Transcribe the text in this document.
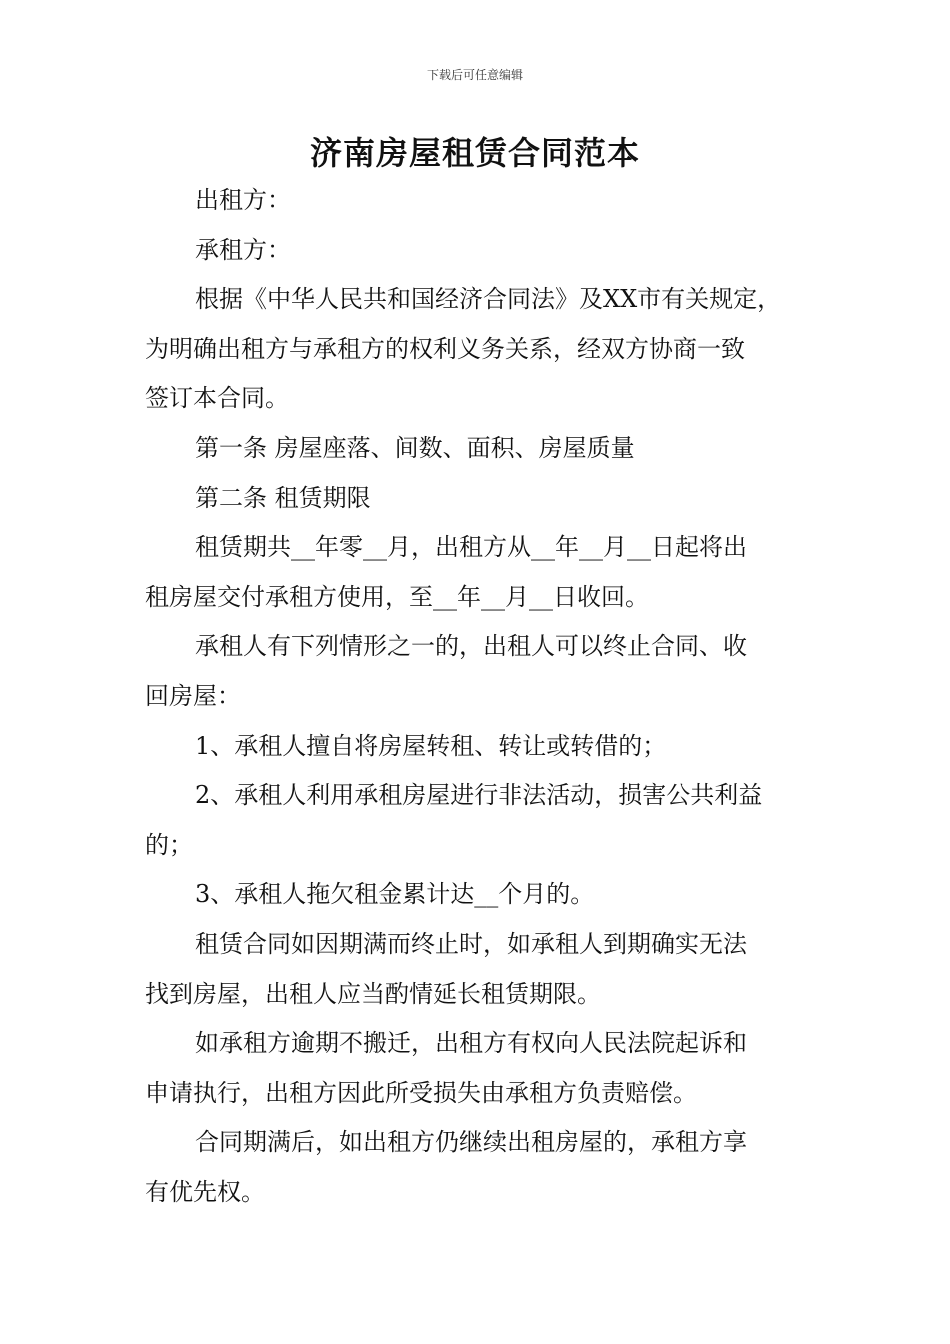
下载后可任意编辑
济南房屋租赁合同范本

出租方：

承租方：

根据《中华人民共和国经济合同法》及XX市有关规定，
为明确出租方与承租方的权利义务关系，经双方协商一致
签订本合同。

第一条 房屋座落、间数、面积、房屋质量

第二条 租赁期限

租赁期共__年零__月，出租方从__年__月__日起将出
租房屋交付承租方使用，至__年__月__日收回。

承租人有下列情形之一的，出租人可以终止合同、收
回房屋：

1、承租人擅自将房屋转租、转让或转借的；

2、承租人利用承租房屋进行非法活动，损害公共利益
的；

3、承租人拖欠租金累计达__个月的。

租赁合同如因期满而终止时，如承租人到期确实无法
找到房屋，出租人应当酌情延长租赁期限。

如承租方逾期不搬迁，出租方有权向人民法院起诉和
申请执行，出租方因此所受损失由承租方负责赔偿。

合同期满后，如出租方仍继续出租房屋的，承租方享
有优先权。
